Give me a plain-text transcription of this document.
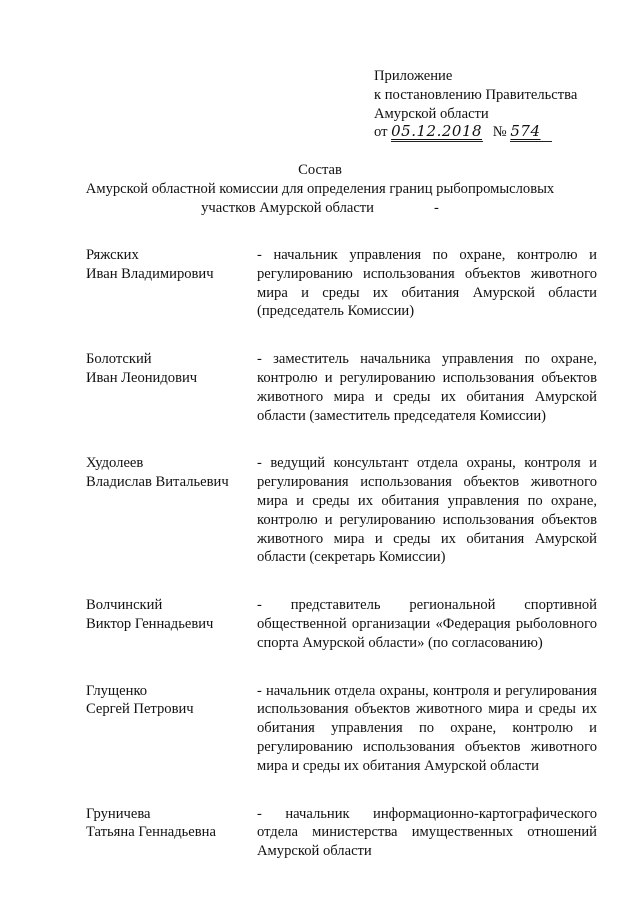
Приложение
к постановлению Правительства
Амурской области
от 05.12.2018 № 574
Состав
Амурской областной комиссии для определения границ рыбопромысловых
участков Амурской области	-
Ряжских
Иван Владимирович
- начальник управления по охране, контролю и регулированию использования объектов животного мира и среды их обитания Амурской области (председатель Комиссии)
Болотский
Иван Леонидович
- заместитель начальника управления по охране, контролю и регулированию использования объектов животного мира и среды их обитания Амурской области (заместитель председателя Комиссии)
Худолеев
Владислав Витальевич
- ведущий консультант отдела охраны, контроля и регулирования использования объектов животного мира и среды их обитания управления по охране, контролю и регулированию использования объектов животного мира и среды их обитания Амурской области (секретарь Комиссии)
Волчинский
Виктор Геннадьевич
- представитель региональной спортивной общественной организации «Федерация рыболовного спорта Амурской области» (по согласованию)
Глущенко
Сергей Петрович
- начальник отдела охраны, контроля и регулирования использования объектов животного мира и среды их обитания управления по охране, контролю и регулированию использования объектов животного мира и среды их обитания Амурской области
Груничева
Татьяна Геннадьевна
- начальник информационно-картографического отдела министерства имущественных отношений Амурской области
